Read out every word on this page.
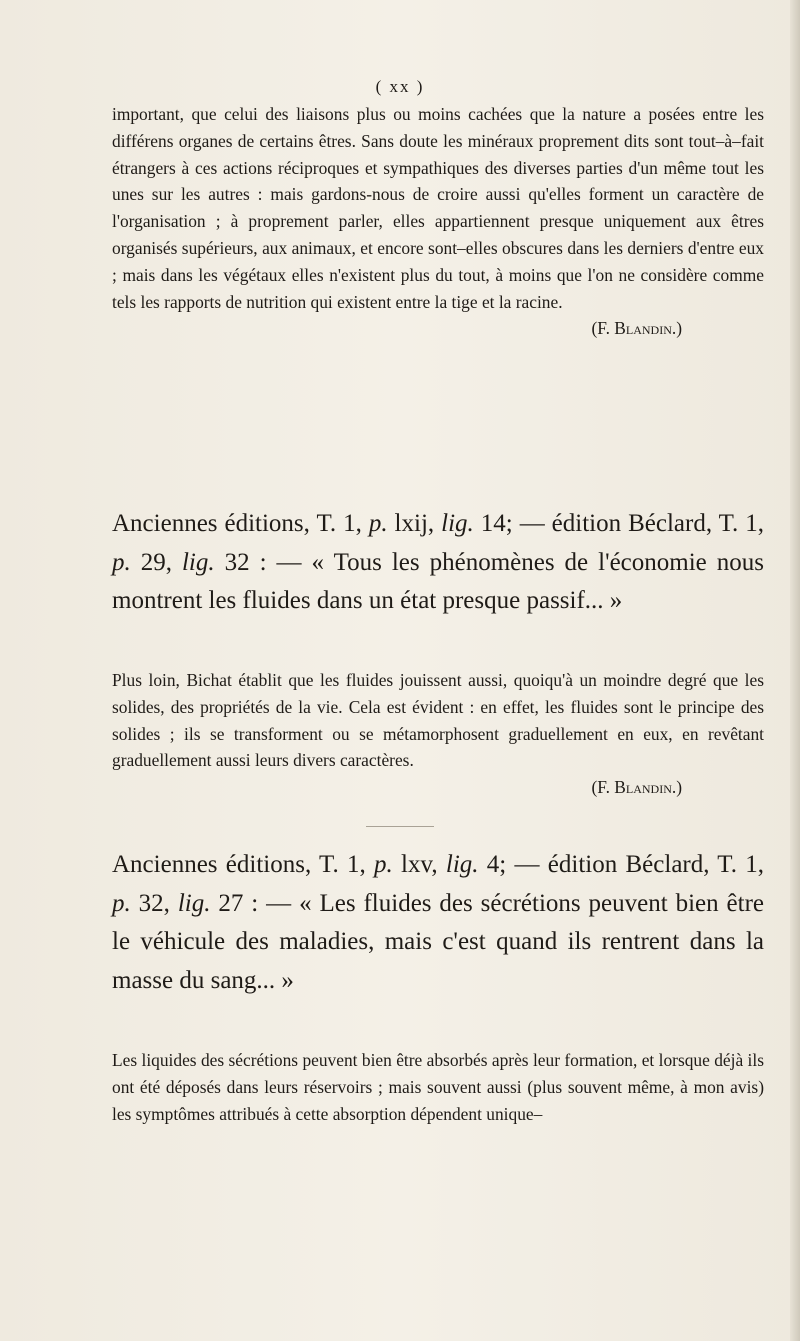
( xx )

important, que celui des liaisons plus ou moins cachées que la nature a posées entre les différens organes de certains êtres. Sans doute les minéraux proprement dits sont tout–à–fait étrangers à ces actions réciproques et sympathiques des diverses parties d'un même tout les unes sur les autres : mais gardons-nous de croire aussi qu'elles forment un caractère de l'organisation ; à proprement parler, elles appartiennent presque uniquement aux êtres organisés supérieurs, aux animaux, et encore sont–elles obscures dans les derniers d'entre eux ; mais dans les végétaux elles n'existent plus du tout, à moins que l'on ne considère comme tels les rapports de nutrition qui existent entre la tige et la racine.

(F. Blandin.)

Anciennes éditions, T. 1, p. lxij, lig. 14; — édition Béclard, T. 1, p. 29, lig. 32 : — « Tous les phénomènes de l'économie nous montrent les fluides dans un état presque passif... »

Plus loin, Bichat établit que les fluides jouissent aussi, quoiqu'à un moindre degré que les solides, des propriétés de la vie. Cela est évident : en effet, les fluides sont le principe des solides ; ils se transforment ou se métamorphosent graduellement en eux, en revêtant graduellement aussi leurs divers caractères.

(F. Blandin.)

Anciennes éditions, T. 1, p. lxv, lig. 4; — édition Béclard, T. 1, p. 32, lig. 27 : — « Les fluides des sécrétions peuvent bien être le véhicule des maladies, mais c'est quand ils rentrent dans la masse du sang... »

Les liquides des sécrétions peuvent bien être absorbés après leur formation, et lorsque déjà ils ont été déposés dans leurs réservoirs ; mais souvent aussi (plus souvent même, à mon avis) les symptômes attribués à cette absorption dépendent unique–
